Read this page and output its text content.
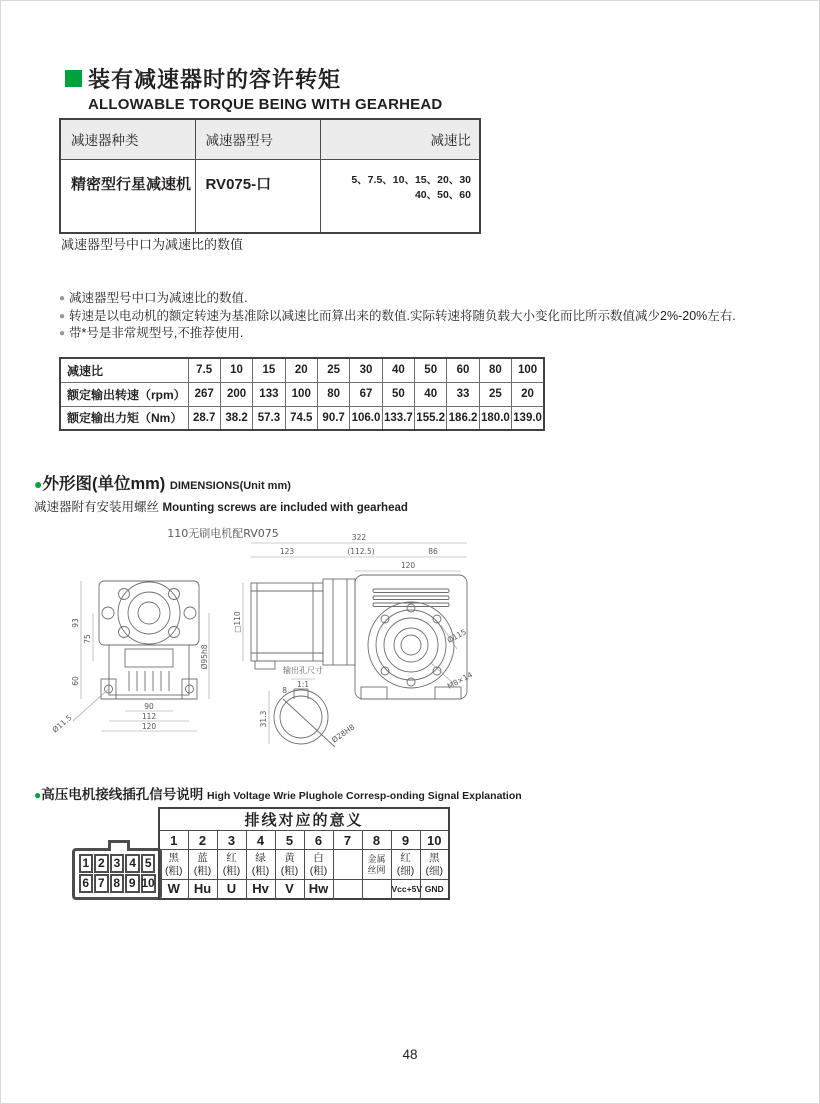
装有减速器时的容许转矩
ALLOWABLE TORQUE BEING WITH GEARHEAD
减速器种类	减速器型号	减速比
精密型行星减速机	RV075-口	5、7.5、10、15、20、30
40、50、60
减速器型号中口为减速比的数值
● 减速器型号中口为减速比的数值.
● 转速是以电动机的额定转速为基准除以减速比而算出来的数值.实际转速将随负载大小变化而比所示数值减少2%-20%左右.
● 带*号是非常规型号,不推荐使用.
减速比	7.5	10	15	20	25	30	40	50	60	80	100
额定输出转速（rpm）	267	200	133	100	80	67	50	40	33	25	20
额定输出力矩（Nm）	28.7	38.2	57.3	74.5	90.7	106.0	133.7	155.2	186.2	180.0	139.0
●外形图(单位mm) DIMENSIONS(Unit mm)
减速器附有安装用螺丝 Mounting screws are included with gearhead
110无刷电机配RV075	322
123	(112.5)	86
120
□110
Ø115
M8×14
93
75
60
Ø95h8
90
112
120
Ø11.5
输出孔尺寸
1:1
8
31.3
Ø28H8
●高压电机接线插孔信号说明 High Voltage Wrie Plughole Corresp-onding Signal Explanation
1 2 3 4 5
6 7 8 9 10
排线对应的意义									
1	2	3	4	5	6	7	8	9	10
黑(粗)	蓝(粗)	红(粗)	绿(粗)	黄(粗)	白(粗)		金属丝网	红(细)	黑(细)
W	Hu	U	Hv	V	Hw			Vcc+5V	GND
48
